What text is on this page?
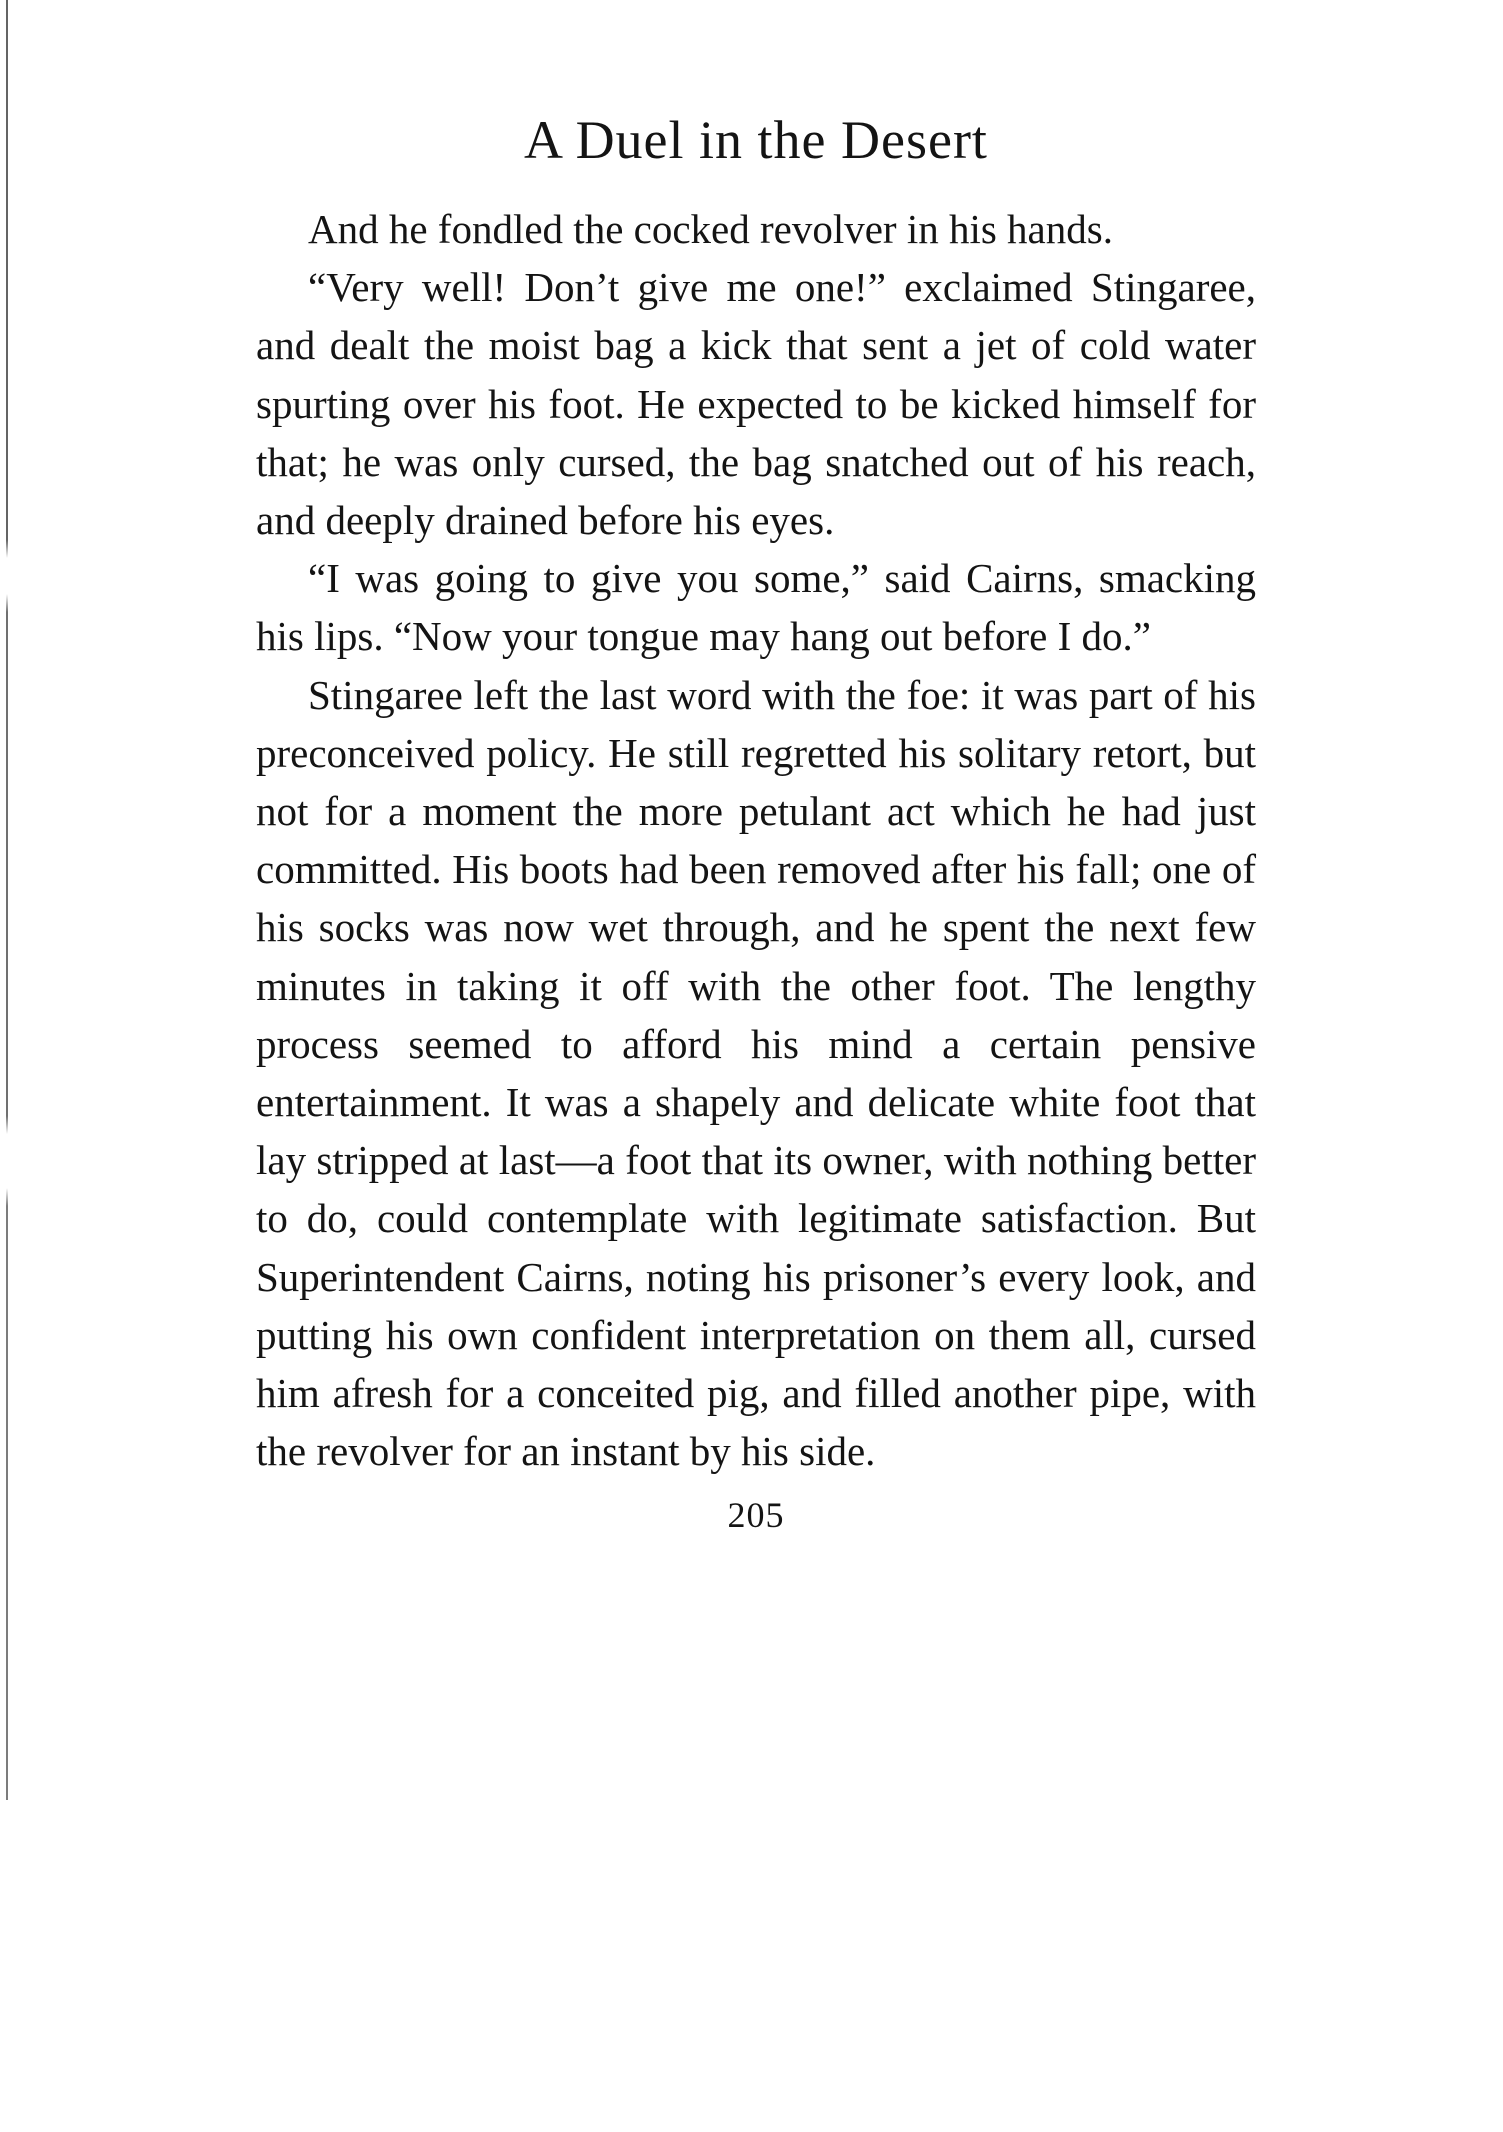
A Duel in the Desert

And he fondled the cocked revolver in his hands.

“Very well! Don’t give me one!” exclaimed Stingaree, and dealt the moist bag a kick that sent a jet of cold water spurting over his foot. He expected to be kicked himself for that; he was only cursed, the bag snatched out of his reach, and deeply drained before his eyes.

“I was going to give you some,” said Cairns, smacking his lips. “Now your tongue may hang out before I do.”

Stingaree left the last word with the foe: it was part of his preconceived policy. He still regretted his solitary retort, but not for a moment the more petulant act which he had just committed. His boots had been removed after his fall; one of his socks was now wet through, and he spent the next few minutes in taking it off with the other foot. The lengthy process seemed to afford his mind a certain pensive entertainment. It was a shapely and delicate white foot that lay stripped at last—a foot that its owner, with nothing better to do, could contemplate with legitimate satisfaction. But Superintendent Cairns, noting his prisoner’s every look, and putting his own confident interpretation on them all, cursed him afresh for a conceited pig, and filled another pipe, with the revolver for an instant by his side.

205
